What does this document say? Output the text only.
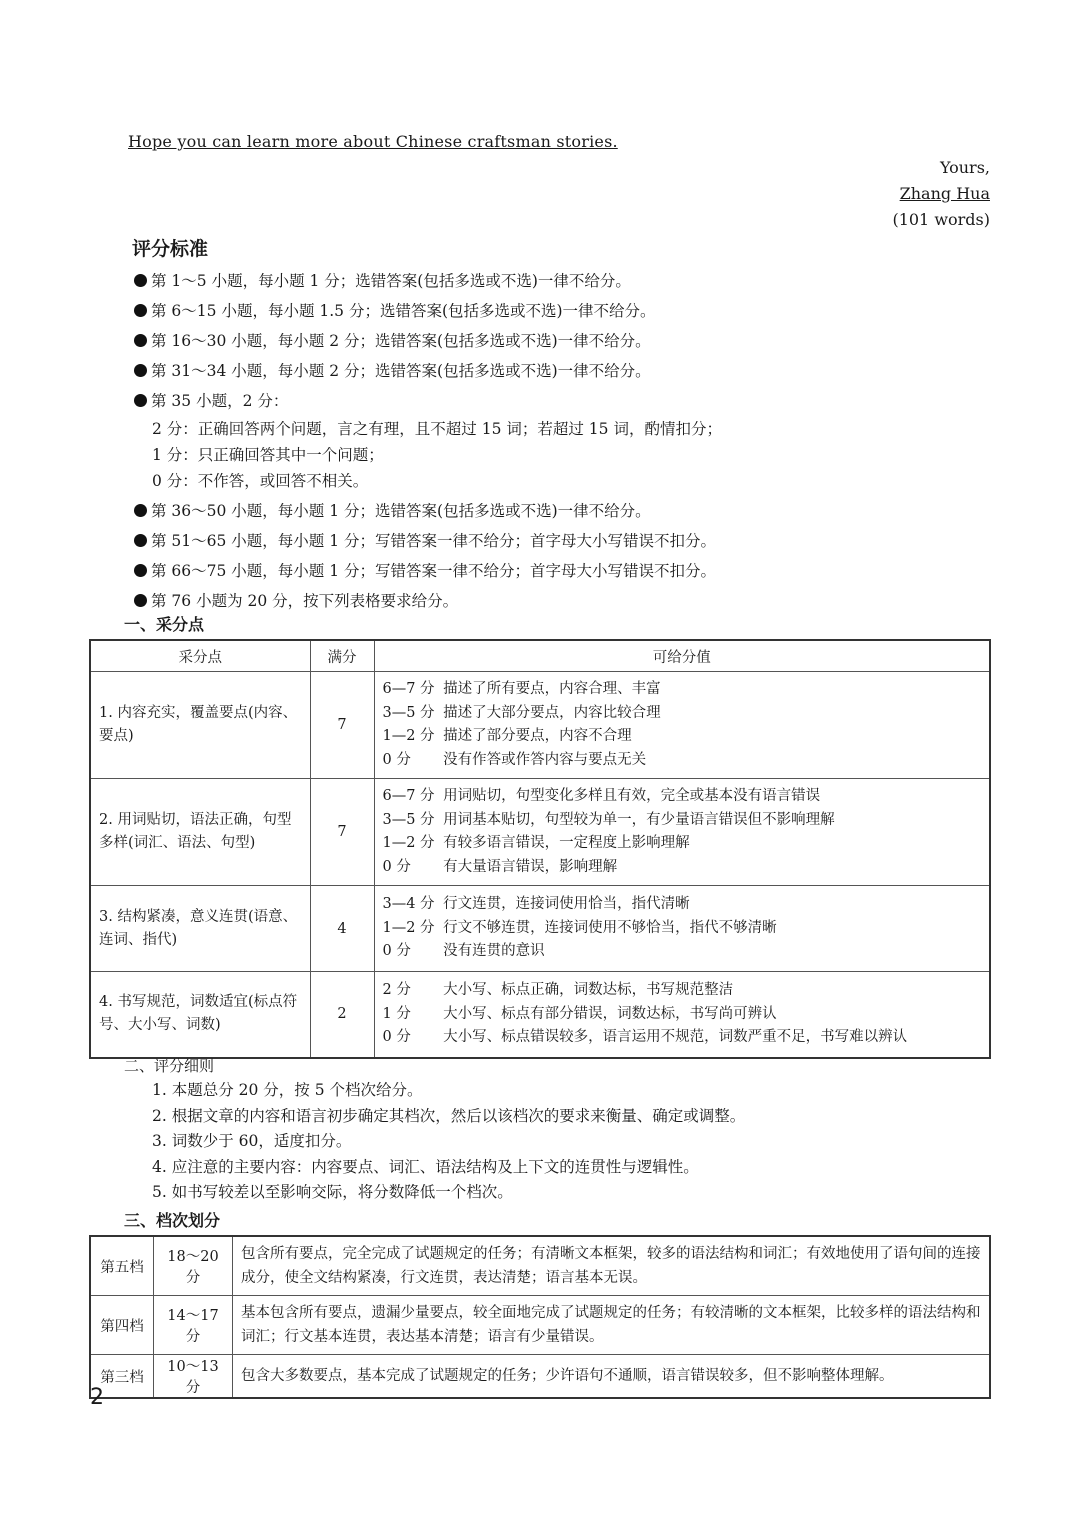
Hope you can learn more about Chinese craftsman stories.
Yours,
Zhang Hua
(101 words)
评分标准
第 1～5 小题，每小题 1 分；选错答案(包括多选或不选)一律不给分。
第 6～15 小题，每小题 1.5 分；选错答案(包括多选或不选)一律不给分。
第 16～30 小题，每小题 2 分；选错答案(包括多选或不选)一律不给分。
第 31～34 小题，每小题 2 分；选错答案(包括多选或不选)一律不给分。
第 35 小题，2 分：
2 分：正确回答两个问题，言之有理，且不超过 15 词；若超过 15 词，酌情扣分；
1 分：只正确回答其中一个问题；
0 分：不作答，或回答不相关。
第 36～50 小题，每小题 1 分；选错答案(包括多选或不选)一律不给分。
第 51～65 小题，每小题 1 分；写错答案一律不给分；首字母大小写错误不扣分。
第 66～75 小题，每小题 1 分；写错答案一律不给分；首字母大小写错误不扣分。
第 76 小题为 20 分，按下列表格要求给分。
一、采分点
采分点	满分	可给分值
1. 内容充实，覆盖要点(内容、要点)	7	6—7 分 描述了所有要点，内容合理、丰富
3—5 分 描述了大部分要点，内容比较合理
1—2 分 描述了部分要点，内容不合理
0 分 没有作答或作答内容与要点无关

2. 用词贴切，语法正确，句型多样(词汇、语法、句型)	7	6—7 分 用词贴切，句型变化多样且有效，完全或基本没有语言错误
3—5 分 用词基本贴切，句型较为单一，有少量语言错误但不影响理解
1—2 分 有较多语言错误，一定程度上影响理解
0 分 有大量语言错误，影响理解

3. 结构紧凑，意义连贯(语意、连词、指代)	4	3—4 分 行文连贯，连接词使用恰当，指代清晰
1—2 分 行文不够连贯，连接词使用不够恰当，指代不够清晰
0 分 没有连贯的意识

4. 书写规范，词数适宜(标点符号、大小写、词数)	2	2 分 大小写、标点正确，词数达标，书写规范整洁
1 分 大小写、标点有部分错误，词数达标，书写尚可辨认
0 分 大小写、标点错误较多，语言运用不规范，词数严重不足，书写难以辨认
二、评分细则
1. 本题总分 20 分，按 5 个档次给分。
2. 根据文章的内容和语言初步确定其档次，然后以该档次的要求来衡量、确定或调整。
3. 词数少于 60，适度扣分。
4. 应注意的主要内容：内容要点、词汇、语法结构及上下文的连贯性与逻辑性。
5. 如书写较差以至影响交际，将分数降低一个档次。
三、档次划分
第五档	18～20 分	包含所有要点，完全完成了试题规定的任务；有清晰文本框架，较多的语法结构和词汇；有效地使用了语句间的连接成分，使全文结构紧凑，行文连贯，表达清楚；语言基本无误。
第四档	14～17 分	基本包含所有要点，遗漏少量要点，较全面地完成了试题规定的任务；有较清晰的文本框架，比较多样的语法结构和词汇；行文基本连贯，表达基本清楚；语言有少量错误。
第三档	10～13 分	包含大多数要点，基本完成了试题规定的任务；少许语句不通顺，语言错误较多，但不影响整体理解。
2
